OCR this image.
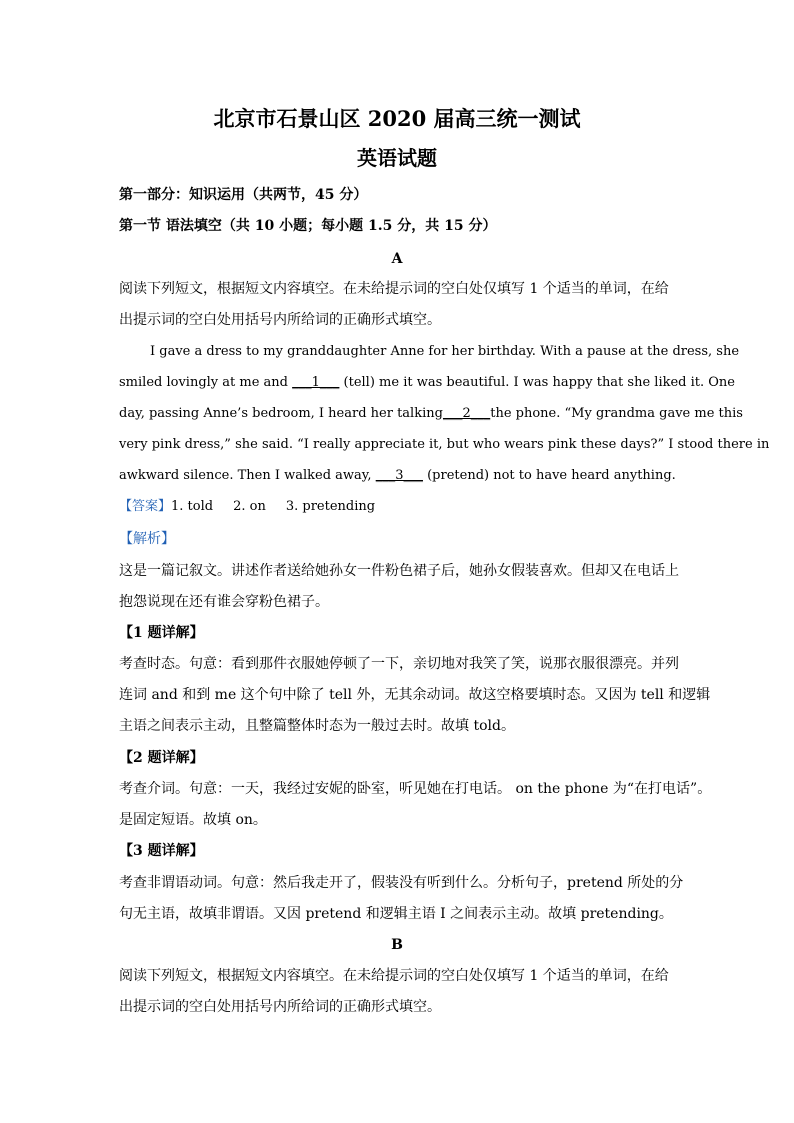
北京市石景山区 2020 届高三统一测试
英语试题
第一部分：知识运用（共两节，45 分）
第一节 语法填空（共 10 小题；每小题 1.5 分，共 15 分）
A
阅读下列短文，根据短文内容填空。在未给提示词的空白处仅填写 1 个适当的单词，在给
出提示词的空白处用括号内所给词的正确形式填空。
I gave a dress to my granddaughter Anne for her birthday. With a pause at the dress, she
smiled lovingly at me and ___1___ (tell) me it was beautiful. I was happy that she liked it. One
day, passing Anne’s bedroom, I heard her talking___2___the phone. “My grandma gave me this
very pink dress,” she said. “I really appreciate it, but who wears pink these days?” I stood there in
awkward silence. Then I walked away, ___3___ (pretend) not to have heard anything.
【答案】1. told 2. on 3. pretending
【解析】
这是一篇记叙文。讲述作者送给她孙女一件粉色裙子后，她孙女假装喜欢。但却又在电话上
抱怨说现在还有谁会穿粉色裙子。
【1 题详解】
考查时态。句意：看到那件衣服她停顿了一下，亲切地对我笑了笑，说那衣服很漂亮。并列
连词 and 和到 me 这个句中除了 tell 外，无其余动词。故这空格要填时态。又因为 tell 和逻辑
主语之间表示主动，且整篇整体时态为一般过去时。故填 told。
【2 题详解】
考查介词。句意：一天，我经过安妮的卧室，听见她在打电话。 on the phone 为“在打电话”。
是固定短语。故填 on。
【3 题详解】
考查非谓语动词。句意：然后我走开了，假装没有听到什么。分析句子，pretend 所处的分
句无主语，故填非谓语。又因 pretend 和逻辑主语 I 之间表示主动。故填 pretending。
B
阅读下列短文，根据短文内容填空。在未给提示词的空白处仅填写 1 个适当的单词，在给
出提示词的空白处用括号内所给词的正确形式填空。
